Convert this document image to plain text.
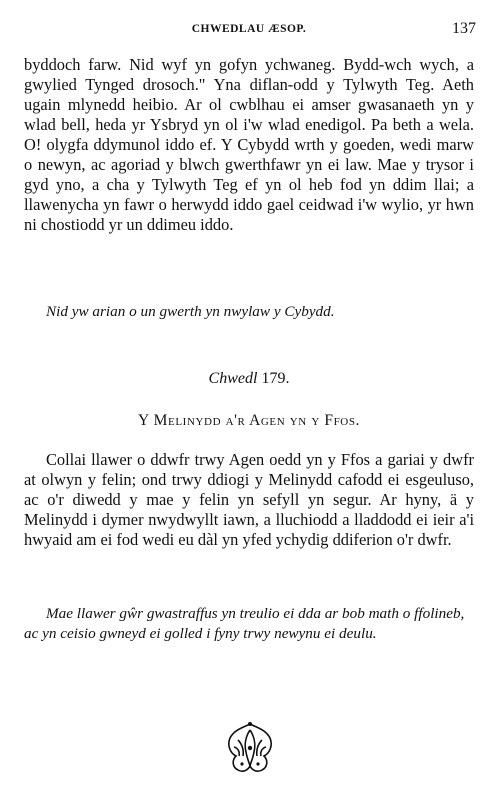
CHWEDLAU ÆSOP.	137

byddoch farw. Nid wyf yn gofyn ychwaneg. Bydd-wch wych, a gwylied Tynged drosoch." Yna diflan-odd y Tylwyth Teg. Aeth ugain mlynedd heibio. Ar ol cwblhau ei amser gwasanaeth yn y wlad bell, heda yr Ysbryd yn ol i'w wlad enedigol. Pa beth a wela. O! olygfa ddymunol iddo ef. Y Cybydd wrth y goeden, wedi marw o newyn, ac agoriad y blwch gwerthfawr yn ei law. Mae y trysor i gyd yno, a cha y Tylwyth Teg ef yn ol heb fod yn ddim llai; a llawenycha yn fawr o herwydd iddo gael ceidwad i'w wylio, yr hwn ni chostiodd yr un ddimeu iddo.

Nid yw arian o un gwerth yn nwylaw y Cybydd.

Chwedl 179.
Y Melinydd a'r Agen yn y Ffos.

Collai llawer o ddwfr trwy Agen oedd yn y Ffos a gariai y dwfr at olwyn y felin; ond trwy ddiogi y Melinydd cafodd ei esgeuluso, ac o'r diwedd y mae y felin yn sefyll yn segur. Ar hyny, ä y Melinydd i dymer nwydwyllt iawn, a lluchiodd a lladdodd ei ieir a'i hwyaid am ei fod wedi eu dàl yn yfed ychydig ddiferion o'r dwfr.

Mae llawer gŵr gwastraffus yn treulio ei dda ar bob math o ffolineb, ac yn ceisio gwneyd ei golled i fyny trwy newynu ei deulu.
